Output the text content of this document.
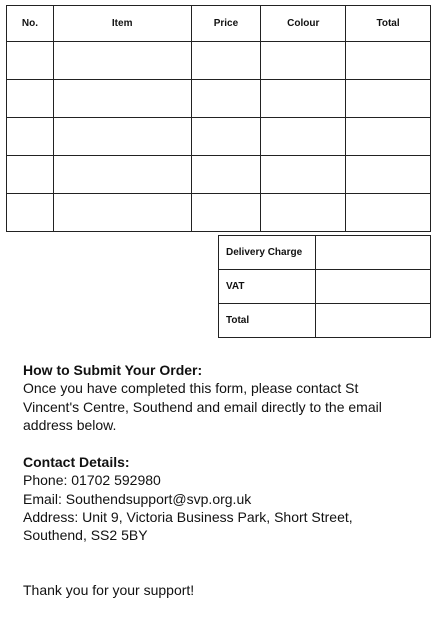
No.	Item	Price	Colour	Total

Delivery Charge	
VAT	
Total	
How to Submit Your Order:
Once you have completed this form, please contact St
Vincent's Centre, Southend and email directly to the email
address below.
Contact Details:
Phone: 01702 592980
Email: Southendsupport@svp.org.uk
Address: Unit 9, Victoria Business Park, Short Street,
Southend, SS2 5BY
Thank you for your support!
